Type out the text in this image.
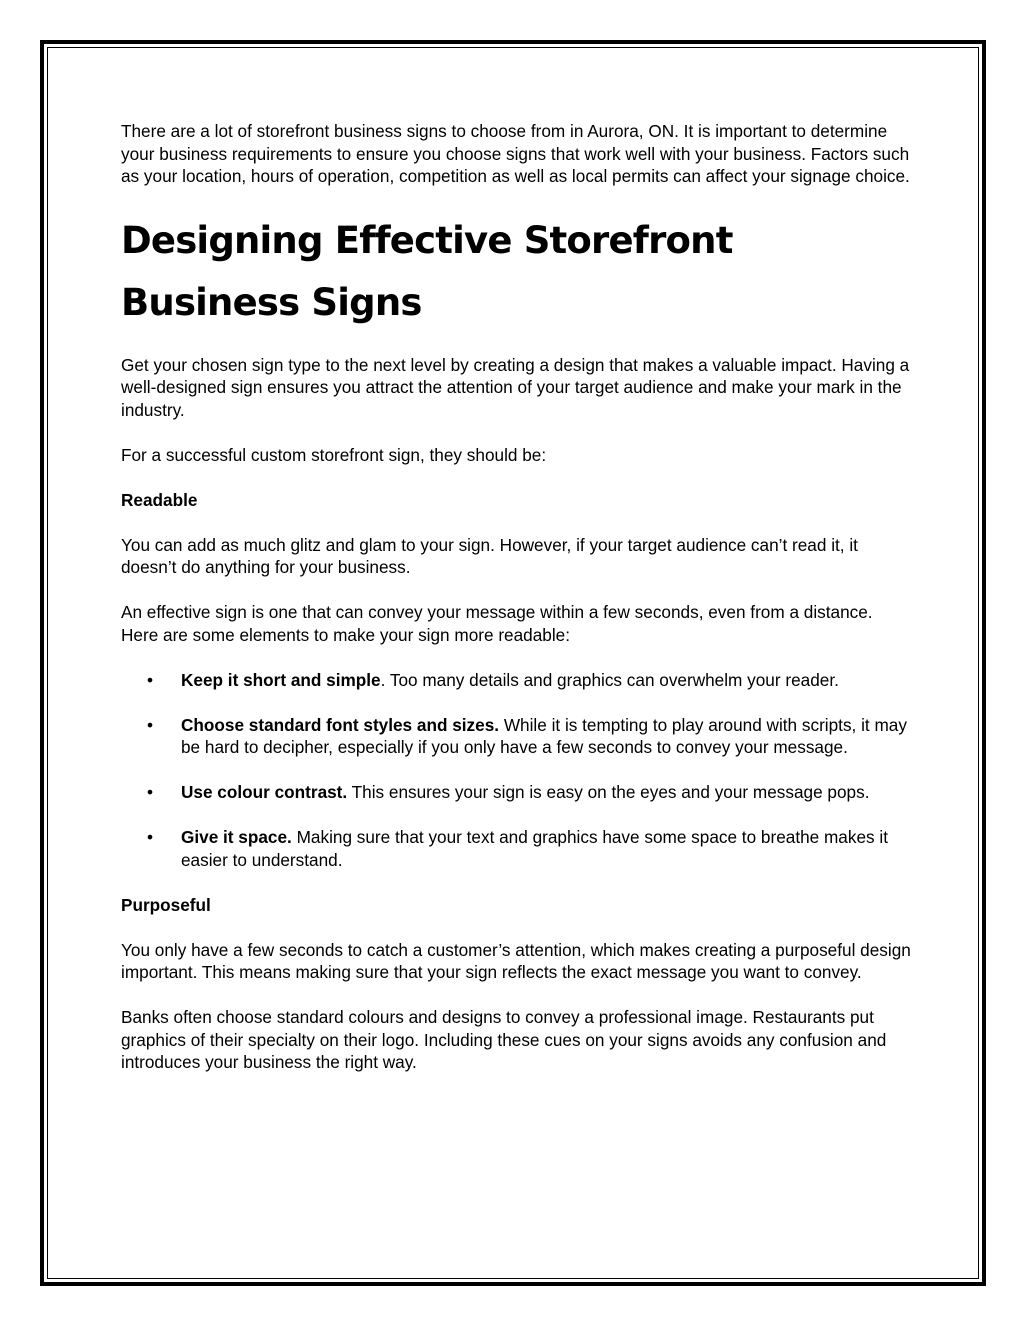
There are a lot of storefront business signs to choose from in Aurora, ON. It is important to determine your business requirements to ensure you choose signs that work well with your business. Factors such as your location, hours of operation, competition as well as local permits can affect your signage choice.

Designing Effective Storefront
Business Signs

Get your chosen sign type to the next level by creating a design that makes a valuable impact. Having a well-designed sign ensures you attract the attention of your target audience and make your mark in the industry.

For a successful custom storefront sign, they should be:

Readable

You can add as much glitz and glam to your sign. However, if your target audience can’t read it, it doesn’t do anything for your business.

An effective sign is one that can convey your message within a few seconds, even from a distance. Here are some elements to make your sign more readable:

• Keep it short and simple. Too many details and graphics can overwhelm your reader.
• Choose standard font styles and sizes. While it is tempting to play around with scripts, it may be hard to decipher, especially if you only have a few seconds to convey your message.
• Use colour contrast. This ensures your sign is easy on the eyes and your message pops.
• Give it space. Making sure that your text and graphics have some space to breathe makes it easier to understand.

Purposeful

You only have a few seconds to catch a customer’s attention, which makes creating a purposeful design important. This means making sure that your sign reflects the exact message you want to convey.

Banks often choose standard colours and designs to convey a professional image. Restaurants put graphics of their specialty on their logo. Including these cues on your signs avoids any confusion and introduces your business the right way.
